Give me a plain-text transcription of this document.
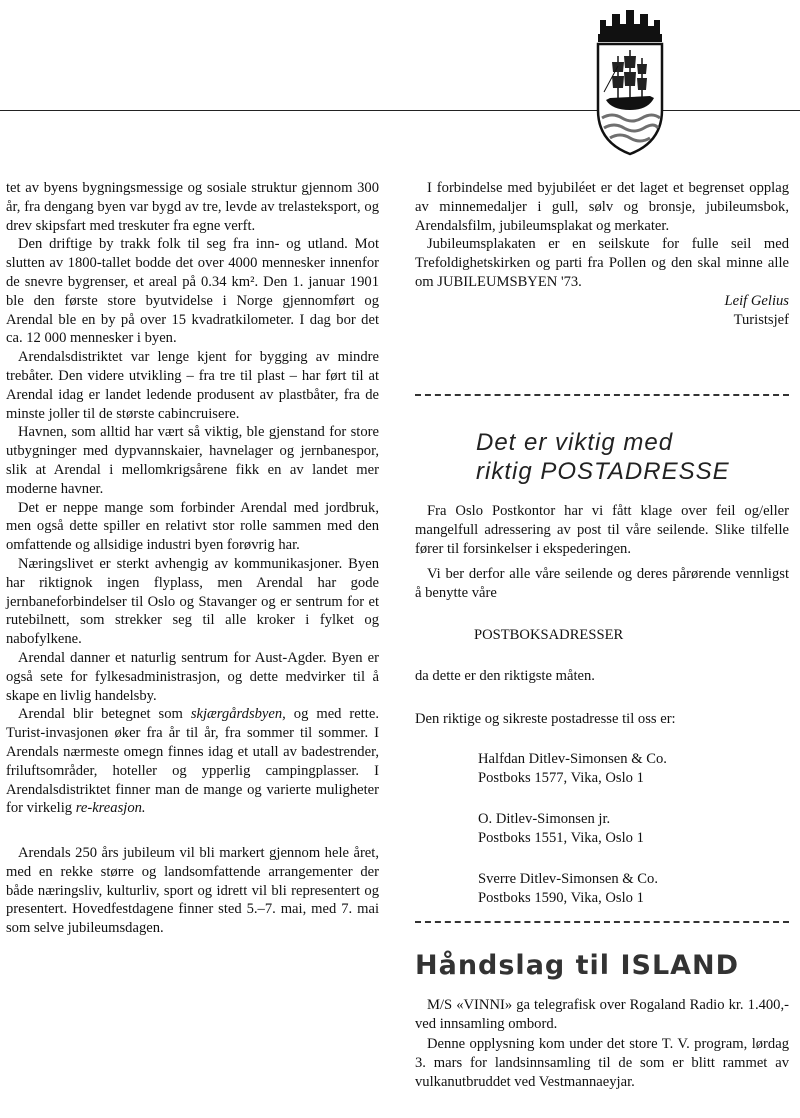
tet av byens bygningsmessige og sosiale struktur gjennom 300 år, fra dengang byen var bygd av tre, levde av trelasteksport, og drev skipsfart med treskuter fra egne verft.

Den driftige by trakk folk til seg fra inn- og utland. Mot slutten av 1800-tallet bodde det over 4000 mennesker innenfor de snevre bygrenser, et areal på 0.34 km². Den 1. januar 1901 ble den første store byutvidelse i Norge gjennomført og Arendal ble en by på over 15 kvadratkilometer. I dag bor det ca. 12 000 mennesker i byen.

Arendalsdistriktet var lenge kjent for bygging av mindre trebåter. Den videre utvikling – fra tre til plast – har ført til at Arendal idag er landet ledende produsent av plastbåter, fra de minste joller til de største cabincruisere.

Havnen, som alltid har vært så viktig, ble gjenstand for store utbygninger med dypvannskaier, havnelager og jernbanespor, slik at Arendal i mellomkrigsårene fikk en av landet mer moderne havner.

Det er neppe mange som forbinder Arendal med jordbruk, men også dette spiller en relativt stor rolle sammen med den omfattende og allsidige industri byen forøvrig har.

Næringslivet er sterkt avhengig av kommunikasjoner. Byen har riktignok ingen flyplass, men Arendal har gode jernbaneforbindelser til Oslo og Stavanger og er sentrum for et rutebilnett, som strekker seg til alle kroker i fylket og nabofylkene.

Arendal danner et naturlig sentrum for Aust-Agder. Byen er også sete for fylkesadministrasjon, og dette medvirker til å skape en livlig handelsby.

Arendal blir betegnet som skjærgårdsbyen, og med rette. Turist-invasjonen øker fra år til år, fra sommer til sommer. I Arendals nærmeste omegn finnes idag et utall av badestrender, friluftsområder, hoteller og ypperlig campingplasser. I Arendalsdistriktet finner man de mange og varierte muligheter for virkelig re-kreasjon.

Arendals 250 års jubileum vil bli markert gjennom hele året, med en rekke større og landsomfattende arrangementer der både næringsliv, kulturliv, sport og idrett vil bli representert og presentert. Hovedfestdagene finner sted 5.–7. mai, med 7. mai som selve jubileumsdagen.

I forbindelse med byjubiléet er det laget et begrenset opplag av minnemedaljer i gull, sølv og bronsje, jubileumsbok, Arendalsfilm, jubileumsplakat og merkater.

Jubileumsplakaten er en seilskute for fulle seil med Trefoldighetskirken og parti fra Pollen og den skal minne alle om JUBILEUMSBYEN '73.

Leif Gelius
Turistsjef
Det er viktig med
riktig POSTADRESSE
Fra Oslo Postkontor har vi fått klage over feil og/eller mangelfull adressering av post til våre seilende. Slike tilfelle fører til forsinkelser i ekspederingen.
Vi ber derfor alle våre seilende og deres pårørende vennligst å benytte våre
POSTBOKSADRESSER
da dette er den riktigste måten.
Den riktige og sikreste postadresse til oss er:
Halfdan Ditlev-Simonsen & Co.
Postboks 1577, Vika, Oslo 1
O. Ditlev-Simonsen jr.
Postboks 1551, Vika, Oslo 1
Sverre Ditlev-Simonsen & Co.
Postboks 1590, Vika, Oslo 1
Håndslag til ISLAND
M/S «VINNI» ga telegrafisk over Rogaland Radio kr. 1.400,- ved innsamling ombord.
Denne opplysning kom under det store T. V. program, lørdag 3. mars for landsinnsamling til de som er blitt rammet av vulkanutbruddet ved Vestmannaeyjar.
